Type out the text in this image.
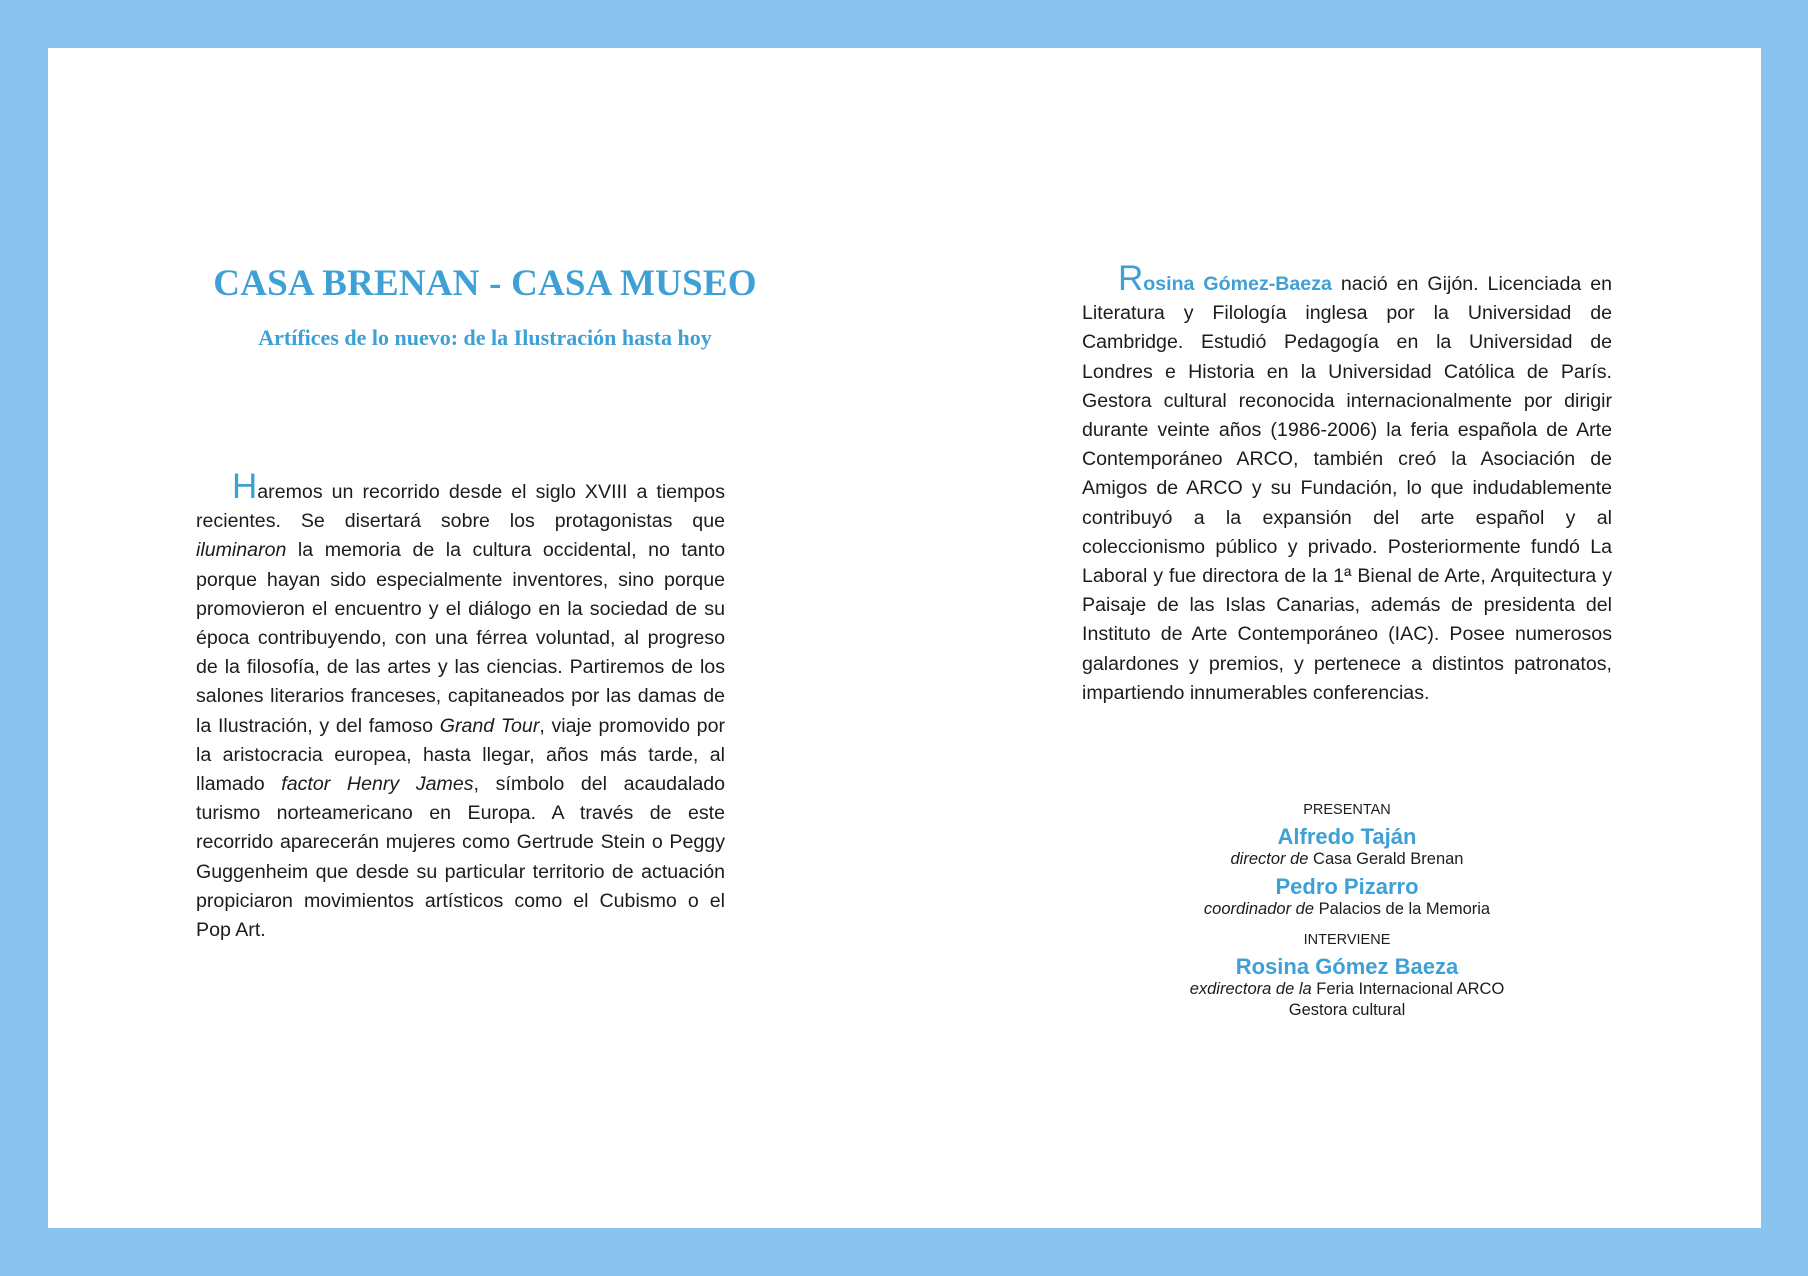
CASA BRENAN - CASA MUSEO
Artífices de lo nuevo: de la Ilustración hasta hoy

Haremos un recorrido desde el siglo XVIII a tiempos recientes. Se disertará sobre los protagonistas que iluminaron la memoria de la cultura occidental, no tanto porque hayan sido especialmente inventores, sino porque promovieron el encuentro y el diálogo en la sociedad de su época contribuyendo, con una férrea voluntad, al progreso de la filosofía, de las artes y las ciencias. Partiremos de los salones literarios franceses, capitaneados por las damas de la Ilustración, y del famoso Grand Tour, viaje promovido por la aristocracia europea, hasta llegar, años más tarde, al llamado factor Henry James, símbolo del acaudalado turismo norteamericano en Europa. A través de este recorrido aparecerán mujeres como Gertrude Stein o Peggy Guggenheim que desde su particular territorio de actuación propiciaron movimientos artísticos como el Cubismo o el Pop Art.

Rosina Gómez-Baeza nació en Gijón. Licenciada en Literatura y Filología inglesa por la Universidad de Cambridge. Estudió Pedagogía en la Universidad de Londres e Historia en la Universidad Católica de París. Gestora cultural reconocida internacionalmente por dirigir durante veinte años (1986-2006) la feria española de Arte Contemporáneo ARCO, también creó la Asociación de Amigos de ARCO y su Fundación, lo que indudablemente contribuyó a la expansión del arte español y al coleccionismo público y privado. Posteriormente fundó La Laboral y fue directora de la 1ª Bienal de Arte, Arquitectura y Paisaje de las Islas Canarias, además de presidenta del Instituto de Arte Contemporáneo (IAC). Posee numerosos galardones y premios, y pertenece a distintos patronatos, impartiendo innumerables conferencias.

PRESENTAN

Alfredo Taján

director de Casa Gerald Brenan

Pedro Pizarro

coordinador de Palacios de la Memoria

INTERVIENE

Rosina Gómez Baeza

exdirectora de la Feria Internacional ARCO

Gestora cultural
